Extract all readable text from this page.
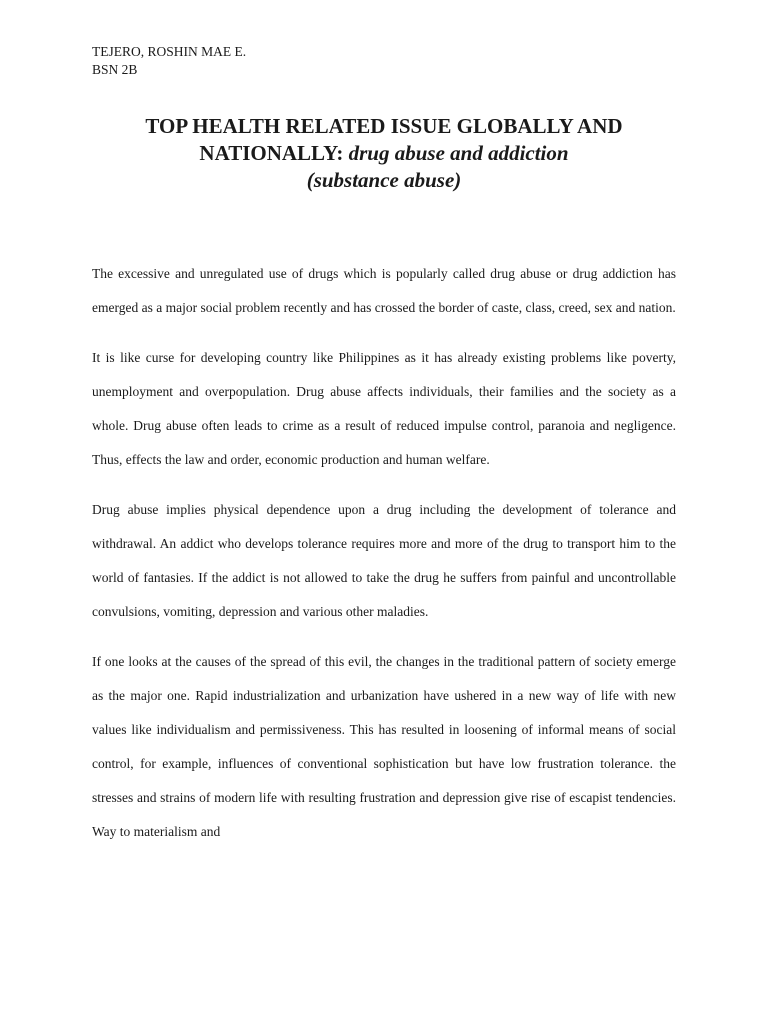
TEJERO, ROSHIN MAE E.
BSN 2B
TOP HEALTH RELATED ISSUE GLOBALLY AND
NATIONALLY: drug abuse and addiction
(substance abuse)

The excessive and unregulated use of drugs which is popularly called drug abuse or drug addiction has emerged as a major social problem recently and has crossed the border of caste, class, creed, sex and nation.

It is like curse for developing country like Philippines as it has already existing problems like poverty, unemployment and overpopulation. Drug abuse affects individuals, their families and the society as a whole. Drug abuse often leads to crime as a result of reduced impulse control, paranoia and negligence. Thus, effects the law and order, economic production and human welfare.

Drug abuse implies physical dependence upon a drug including the development of tolerance and withdrawal. An addict who develops tolerance requires more and more of the drug to transport him to the world of fantasies. If the addict is not allowed to take the drug he suffers from painful and uncontrollable convulsions, vomiting, depression and various other maladies.

If one looks at the causes of the spread of this evil, the changes in the traditional pattern of society emerge as the major one. Rapid industrialization and urbanization have ushered in a new way of life with new values like individualism and permissiveness. This has resulted in loosening of informal means of social control, for example, influences of conventional sophistication but have low frustration tolerance. the stresses and strains of modern life with resulting frustration and depression give rise of escapist tendencies. Way to materialism and
